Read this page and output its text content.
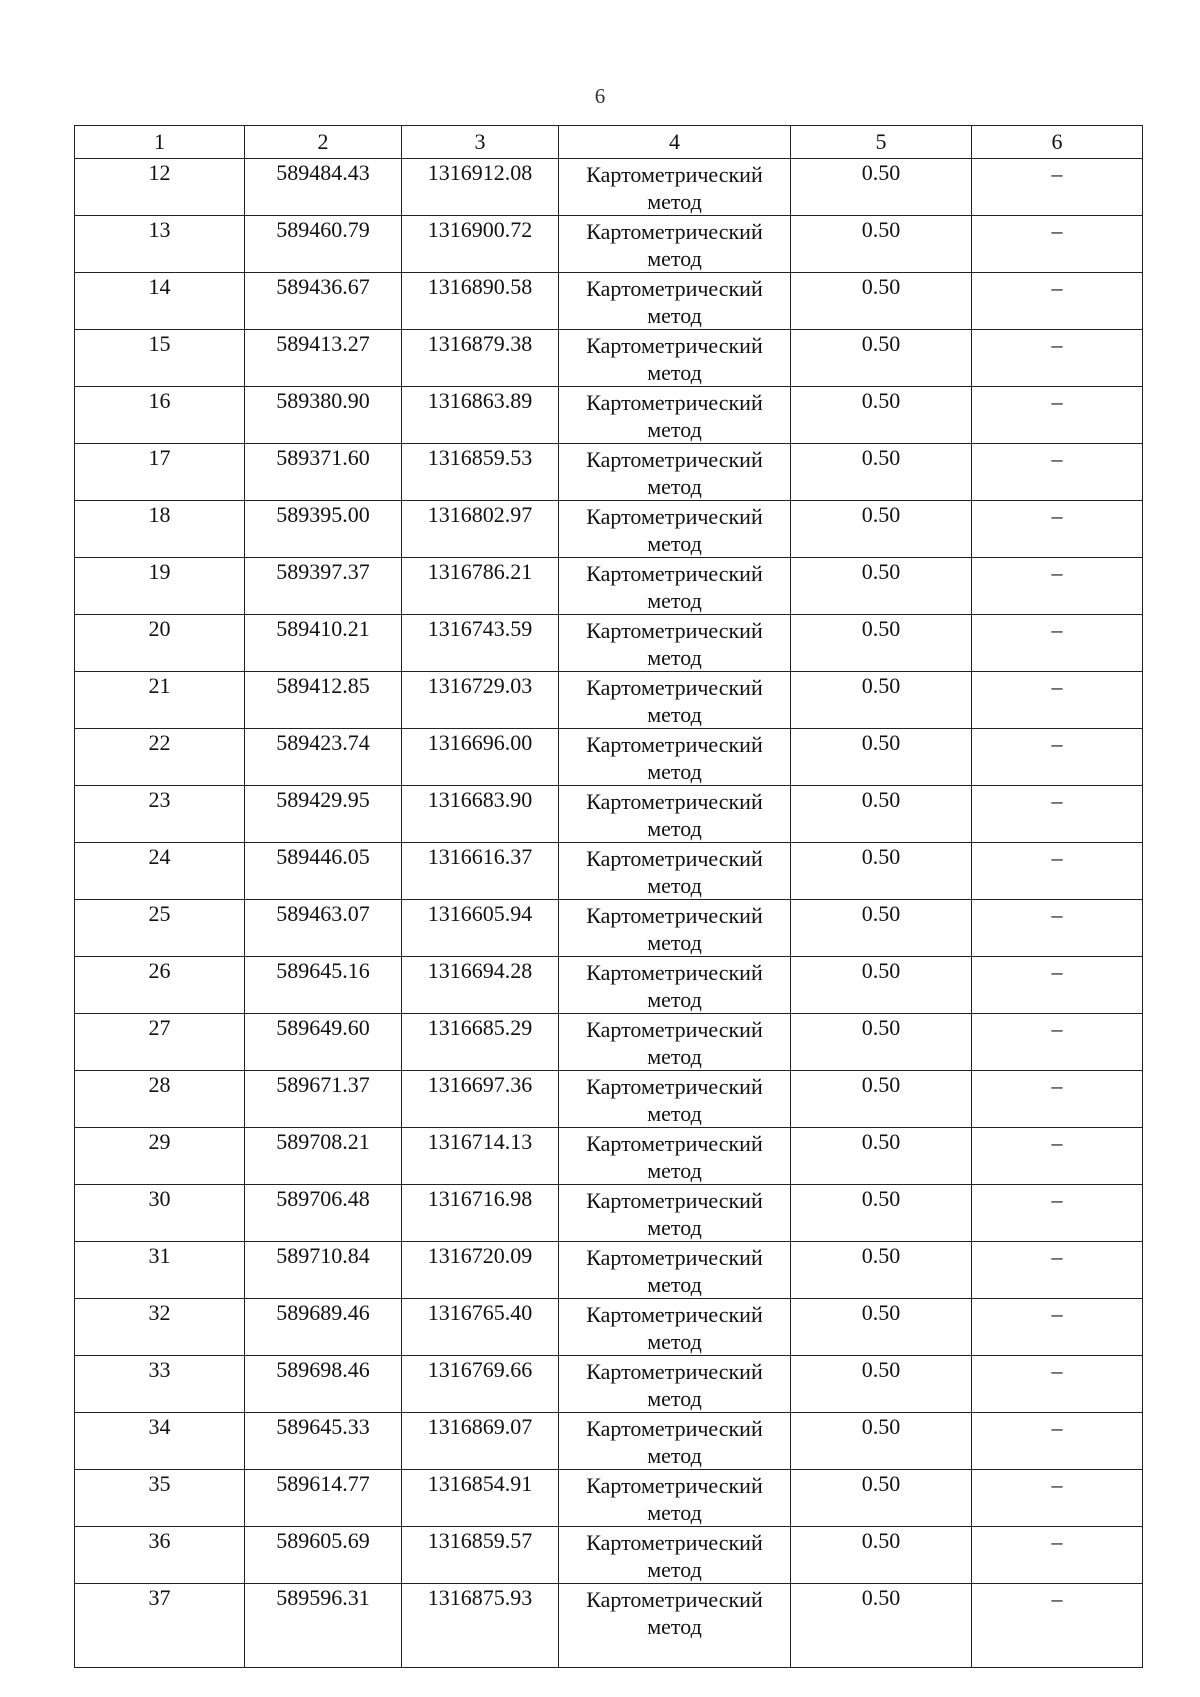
6
1	2	3	4	5	6

12	589484.43	1316912.08	Картометрический метод	0.50	–

13	589460.79	1316900.72	Картометрический метод	0.50	–

14	589436.67	1316890.58	Картометрический метод	0.50	–

15	589413.27	1316879.38	Картометрический метод	0.50	–

16	589380.90	1316863.89	Картометрический метод	0.50	–

17	589371.60	1316859.53	Картометрический метод	0.50	–

18	589395.00	1316802.97	Картометрический метод	0.50	–

19	589397.37	1316786.21	Картометрический метод	0.50	–

20	589410.21	1316743.59	Картометрический метод	0.50	–

21	589412.85	1316729.03	Картометрический метод	0.50	–

22	589423.74	1316696.00	Картометрический метод	0.50	–

23	589429.95	1316683.90	Картометрический метод	0.50	–

24	589446.05	1316616.37	Картометрический метод	0.50	–

25	589463.07	1316605.94	Картометрический метод	0.50	–

26	589645.16	1316694.28	Картометрический метод	0.50	–

27	589649.60	1316685.29	Картометрический метод	0.50	–

28	589671.37	1316697.36	Картометрический метод	0.50	–

29	589708.21	1316714.13	Картометрический метод	0.50	–

30	589706.48	1316716.98	Картометрический метод	0.50	–

31	589710.84	1316720.09	Картометрический метод	0.50	–

32	589689.46	1316765.40	Картометрический метод	0.50	–

33	589698.46	1316769.66	Картометрический метод	0.50	–

34	589645.33	1316869.07	Картометрический метод	0.50	–

35	589614.77	1316854.91	Картометрический метод	0.50	–

36	589605.69	1316859.57	Картометрический метод	0.50	–

37	589596.31	1316875.93	Картометрический метод	0.50	–
